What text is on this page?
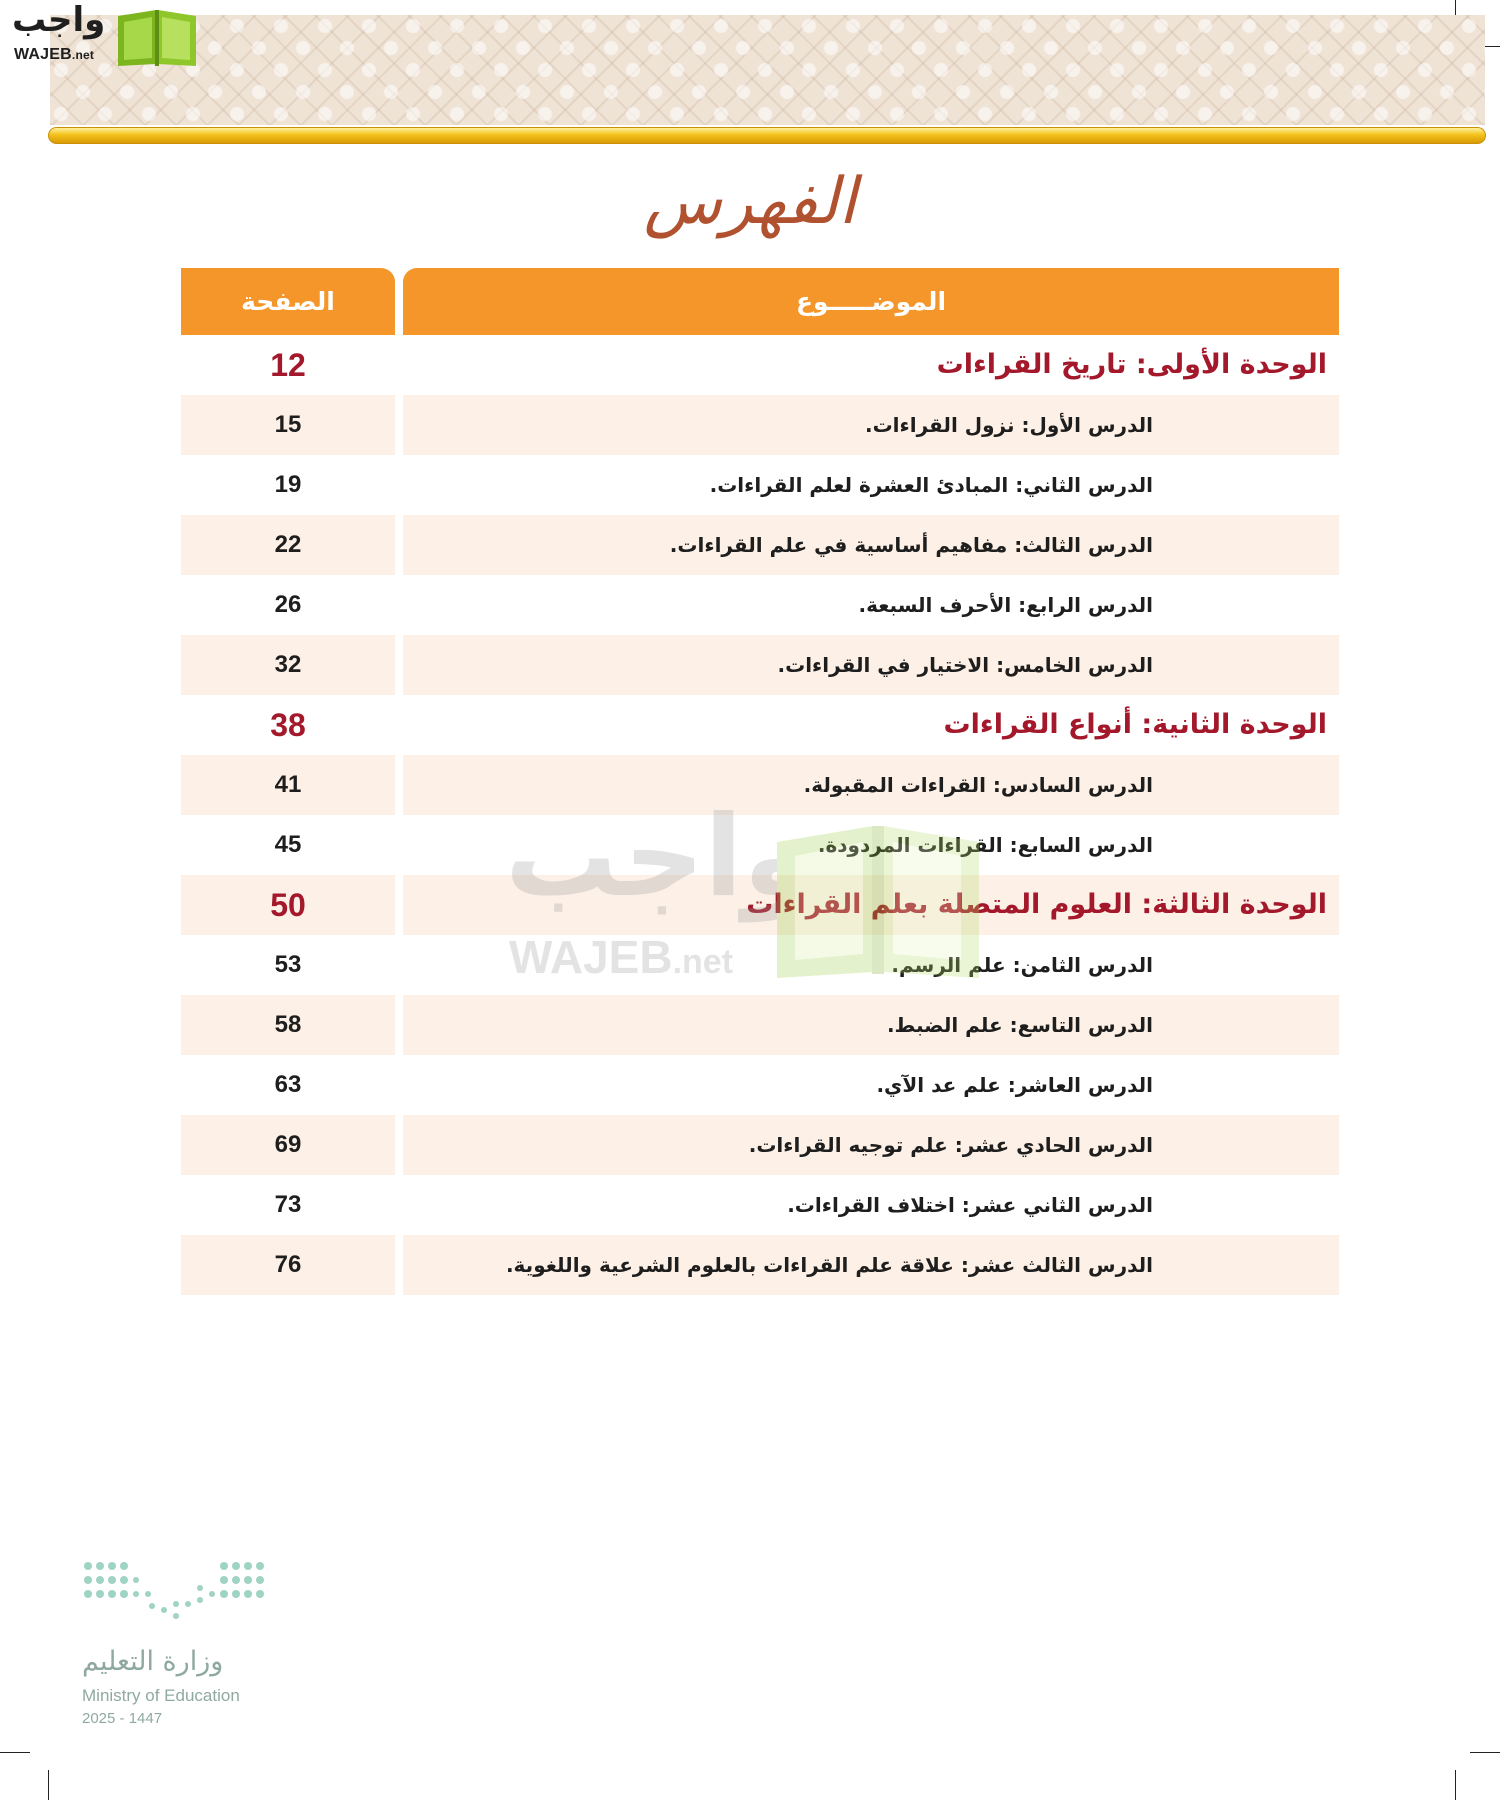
واجب
WAJEB.net
الفهرس
الموضـــــوع
الصفحة
الوحدة الأولى: تاريخ القراءات
12
الدرس الأول: نزول القراءات.
15
الدرس الثاني: المبادئ العشرة لعلم القراءات.
19
الدرس الثالث: مفاهيم أساسية في علم القراءات.
22
الدرس الرابع: الأحرف السبعة.
26
الدرس الخامس: الاختيار في القراءات.
32
الوحدة الثانية: أنواع القراءات
38
الدرس السادس: القراءات المقبولة.
41
الدرس السابع: القراءات المردودة.
45
الوحدة الثالثة: العلوم المتصلة بعلم القراءات
50
الدرس الثامن: علم الرسم.
53
الدرس التاسع: علم الضبط.
58
الدرس العاشر: علم عد الآي.
63
الدرس الحادي عشر: علم توجيه القراءات.
69
الدرس الثاني عشر: اختلاف القراءات.
73
الدرس الثالث عشر: علاقة علم القراءات بالعلوم الشرعية واللغوية.
76
واجب
WAJEB.net
وزارة التعليم
Ministry of Education
2025 - 1447
